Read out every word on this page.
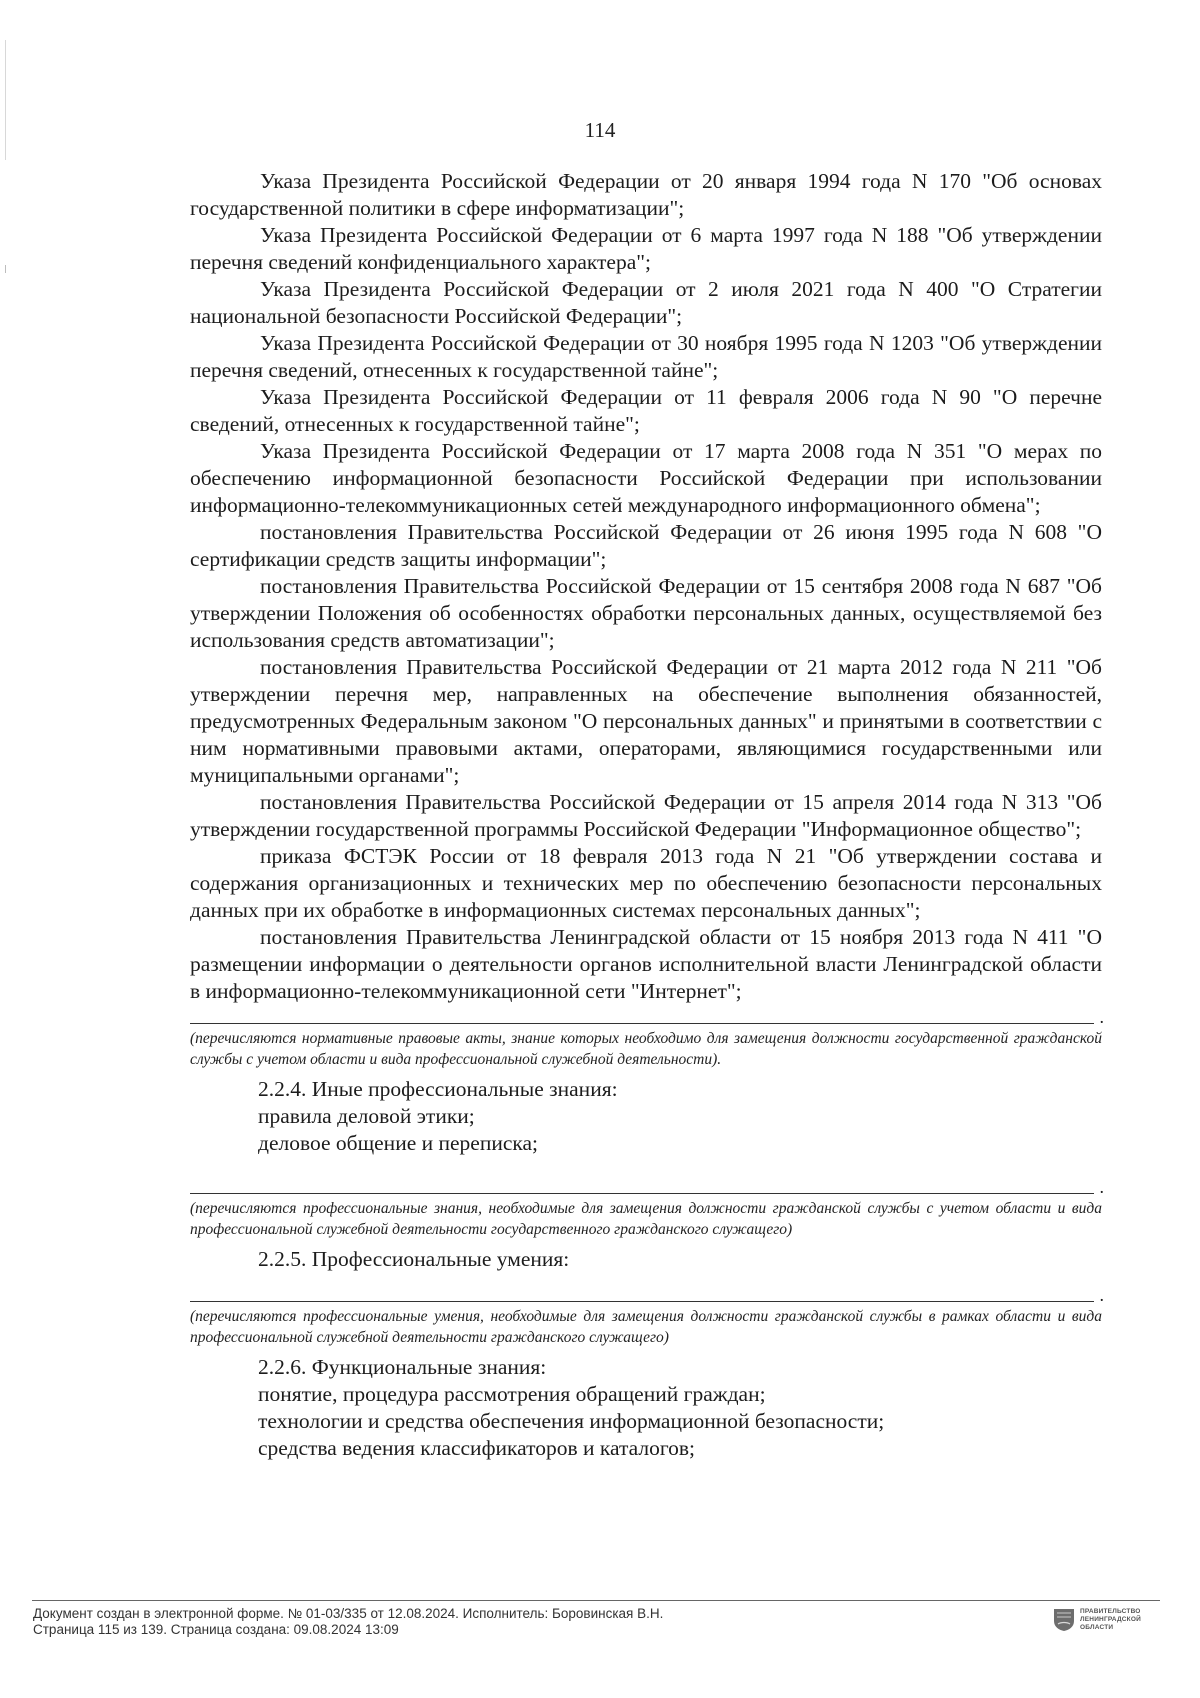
114

Указа Президента Российской Федерации от 20 января 1994 года N 170 "Об основах государственной политики в сфере информатизации";

Указа Президента Российской Федерации от 6 марта 1997 года N 188 "Об утверждении перечня сведений конфиденциального характера";

Указа Президента Российской Федерации от 2 июля 2021 года N 400 "О Стратегии национальной безопасности Российской Федерации";

Указа Президента Российской Федерации от 30 ноября 1995 года N 1203 "Об утверждении перечня сведений, отнесенных к государственной тайне";

Указа Президента Российской Федерации от 11 февраля 2006 года N 90 "О перечне сведений, отнесенных к государственной тайне";

Указа Президента Российской Федерации от 17 марта 2008 года N 351 "О мерах по обеспечению информационной безопасности Российской Федерации при использовании информационно-телекоммуникационных сетей международного информационного обмена";

постановления Правительства Российской Федерации от 26 июня 1995 года N 608 "О сертификации средств защиты информации";

постановления Правительства Российской Федерации от 15 сентября 2008 года N 687 "Об утверждении Положения об особенностях обработки персональных данных, осуществляемой без использования средств автоматизации";

постановления Правительства Российской Федерации от 21 марта 2012 года N 211 "Об утверждении перечня мер, направленных на обеспечение выполнения обязанностей, предусмотренных Федеральным законом "О персональных данных" и принятыми в соответствии с ним нормативными правовыми актами, операторами, являющимися государственными или муниципальными органами";

постановления Правительства Российской Федерации от 15 апреля 2014 года N 313 "Об утверждении государственной программы Российской Федерации "Информационное общество";

приказа ФСТЭК России от 18 февраля 2013 года N 21 "Об утверждении состава и содержания организационных и технических мер по обеспечению безопасности персональных данных при их обработке в информационных системах персональных данных";

постановления Правительства Ленинградской области от 15 ноября 2013 года N 411 "О размещении информации о деятельности органов исполнительной власти Ленинградской области в информационно-телекоммуникационной сети "Интернет";

.
(перечисляются нормативные правовые акты, знание которых необходимо для замещения должности государственной гражданской службы с учетом области и вида профессиональной служебной деятельности).

2.2.4. Иные профессиональные знания:

правила деловой этики;

деловое общение и переписка;

.
(перечисляются профессиональные знания, необходимые для замещения должности гражданской службы с учетом области и вида профессиональной служебной деятельности государственного гражданского служащего)

2.2.5. Профессиональные умения:

.
(перечисляются профессиональные умения, необходимые для замещения должности гражданской службы в рамках области и вида профессиональной служебной деятельности гражданского служащего)

2.2.6. Функциональные знания:

понятие, процедура рассмотрения обращений граждан;

технологии и средства обеспечения информационной безопасности;

средства ведения классификаторов и каталогов;

Документ создан в электронной форме. № 01-03/335 от 12.08.2024. Исполнитель: Боровинская В.Н.
Страница 115 из 139. Страница создана: 09.08.2024 13:09
ПРАВИТЕЛЬСТВО
ЛЕНИНГРАДСКОЙ
ОБЛАСТИ
